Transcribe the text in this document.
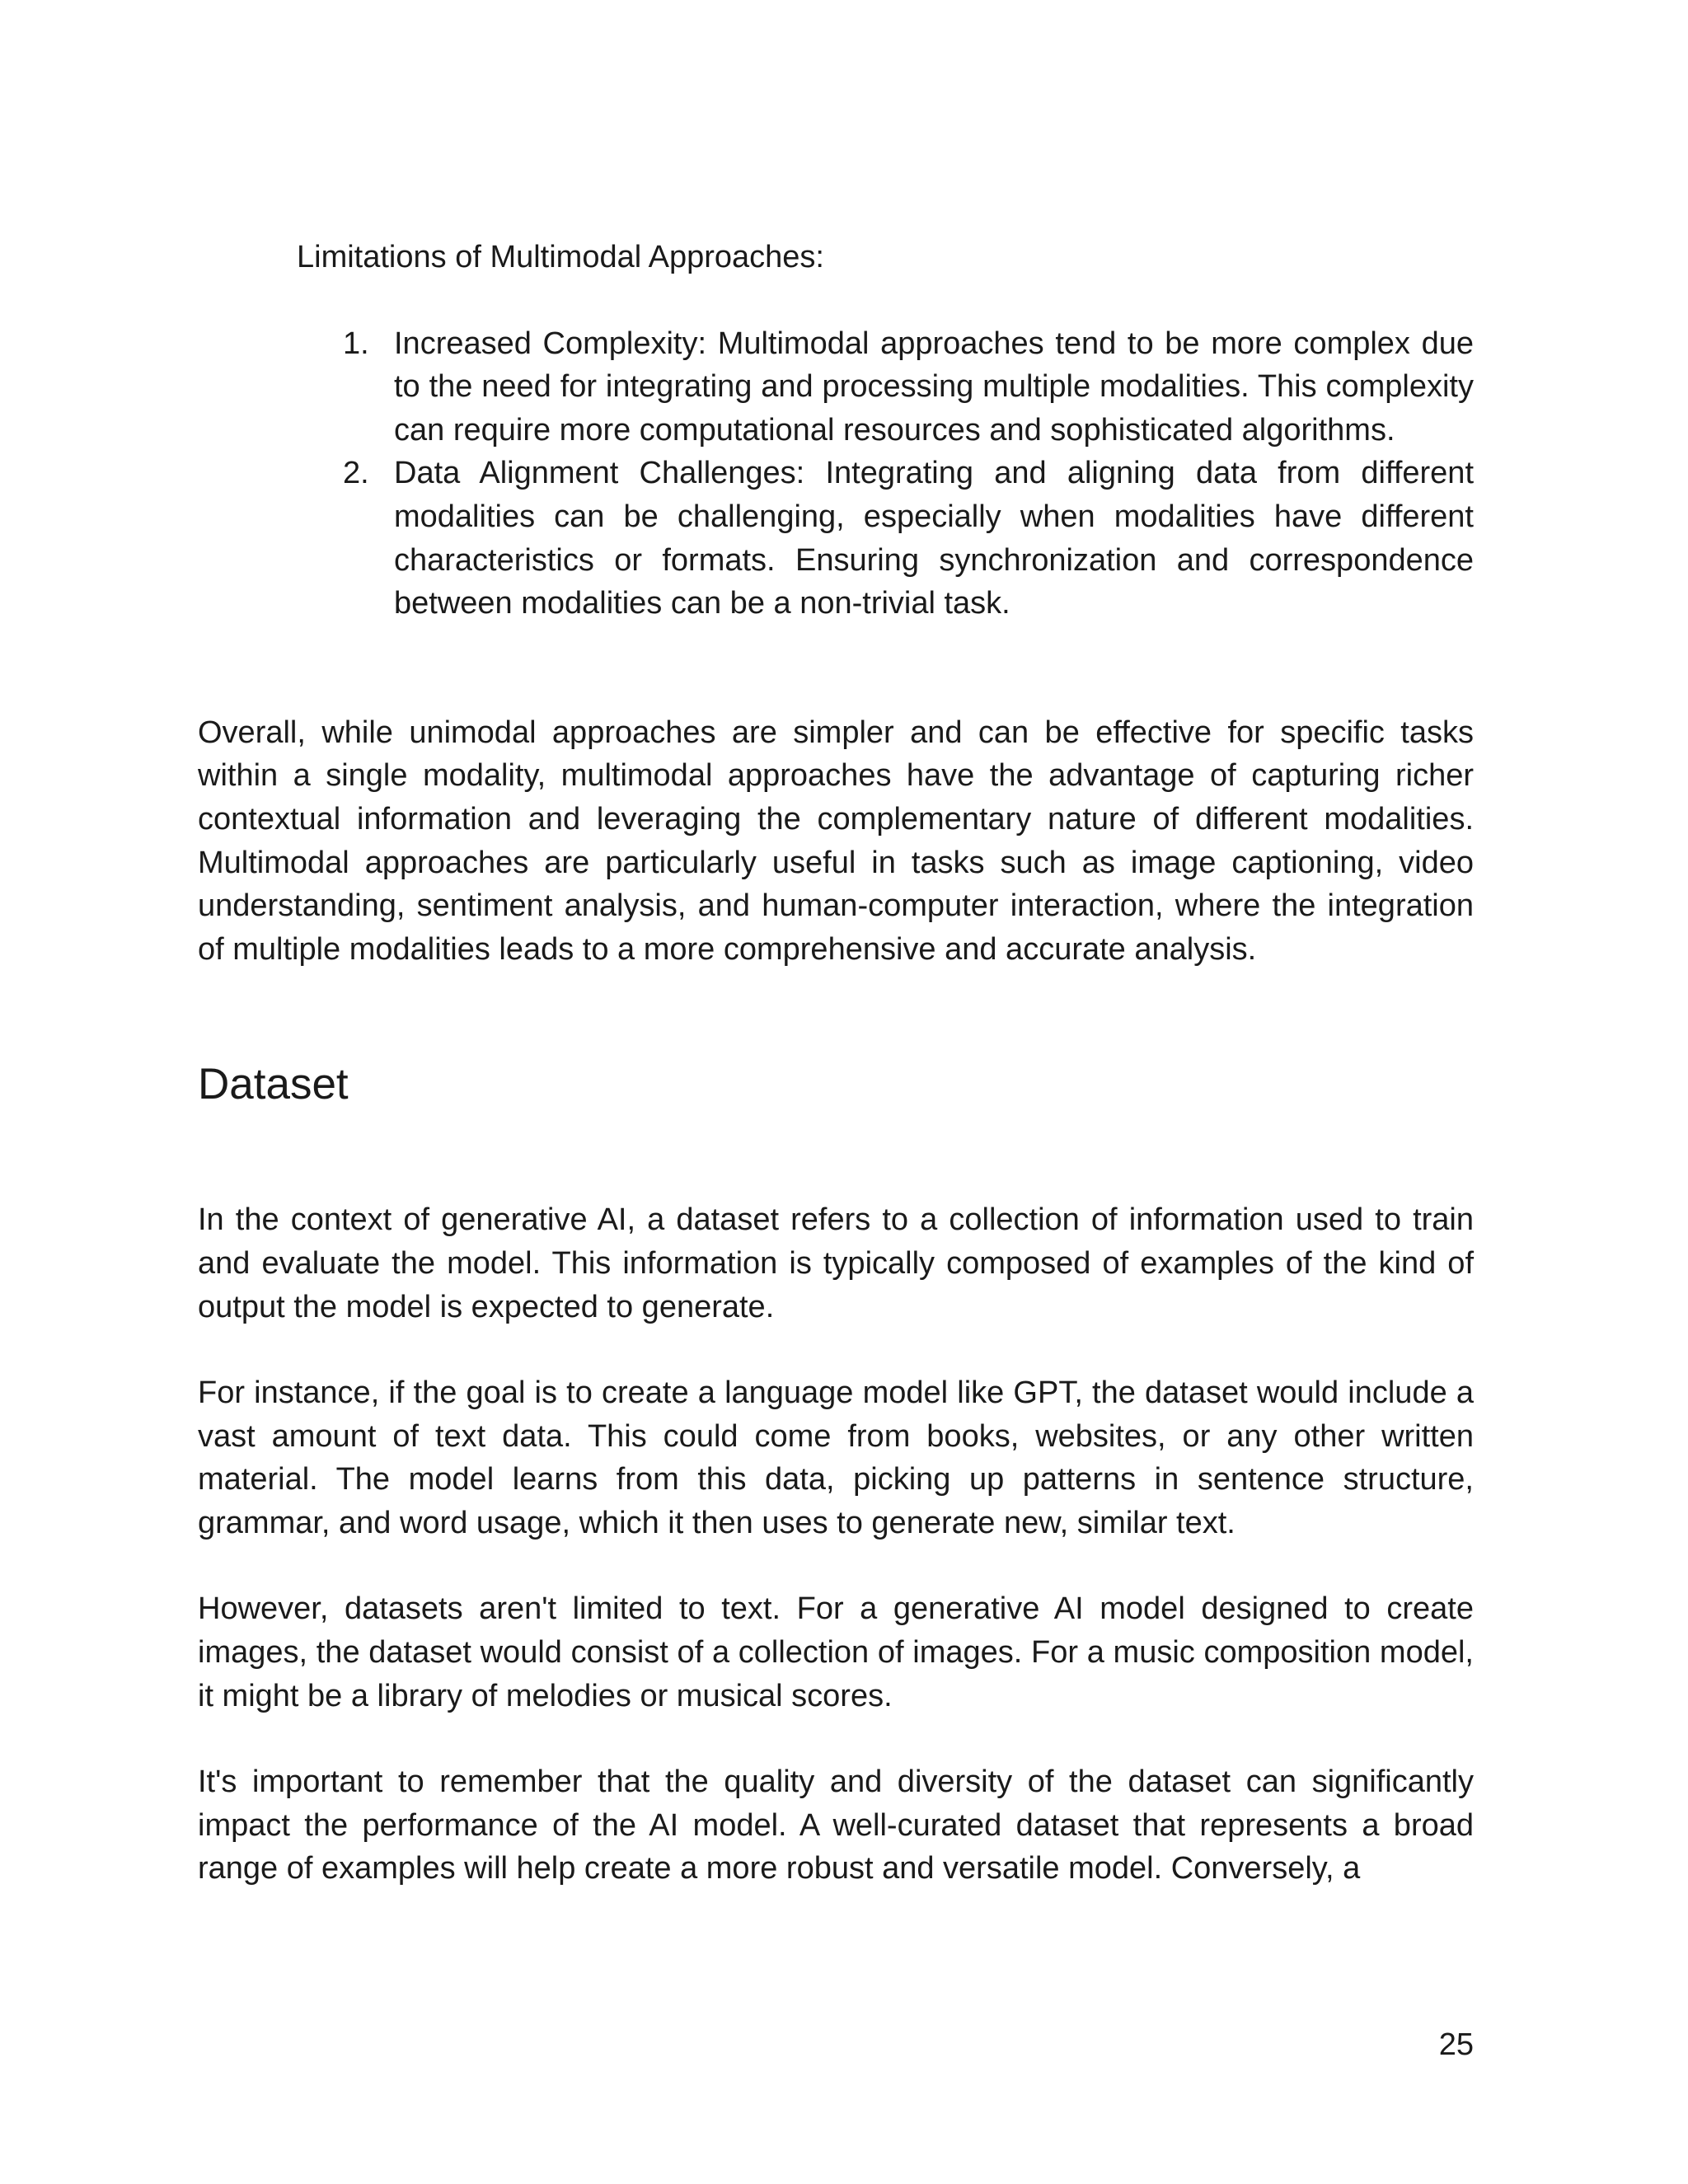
Limitations of Multimodal Approaches:

1. Increased Complexity: Multimodal approaches tend to be more complex due to the need for integrating and processing multiple modalities. This complexity can require more computational resources and sophisticated algorithms.
2. Data Alignment Challenges: Integrating and aligning data from different modalities can be challenging, especially when modalities have different characteristics or formats. Ensuring synchronization and correspondence between modalities can be a non-trivial task.

Overall, while unimodal approaches are simpler and can be effective for specific tasks within a single modality, multimodal approaches have the advantage of capturing richer contextual information and leveraging the complementary nature of different modalities. Multimodal approaches are particularly useful in tasks such as image captioning, video understanding, sentiment analysis, and human-computer interaction, where the integration of multiple modalities leads to a more comprehensive and accurate analysis.

Dataset

In the context of generative AI, a dataset refers to a collection of information used to train and evaluate the model. This information is typically composed of examples of the kind of output the model is expected to generate.

For instance, if the goal is to create a language model like GPT, the dataset would include a vast amount of text data. This could come from books, websites, or any other written material. The model learns from this data, picking up patterns in sentence structure, grammar, and word usage, which it then uses to generate new, similar text.

However, datasets aren't limited to text. For a generative AI model designed to create images, the dataset would consist of a collection of images. For a music composition model, it might be a library of melodies or musical scores.

It's important to remember that the quality and diversity of the dataset can significantly impact the performance of the AI model. A well-curated dataset that represents a broad range of examples will help create a more robust and versatile model. Conversely, a

25
